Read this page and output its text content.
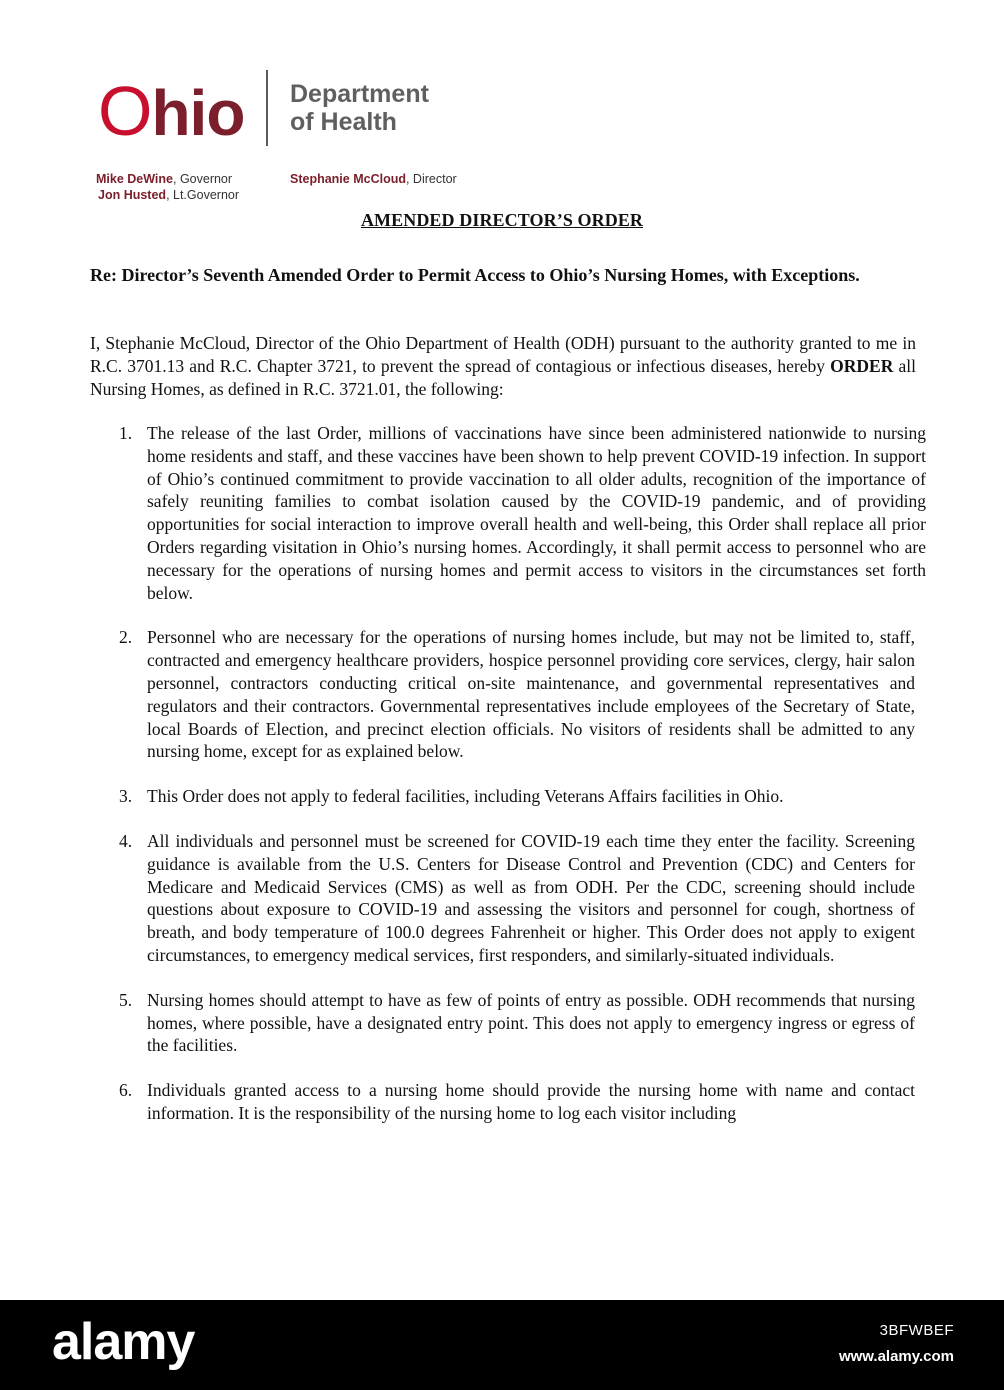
Ohio Department
of Health
Mike DeWine, Governor
Jon Husted, Lt.Governor
Stephanie McCloud, Director
AMENDED DIRECTOR’S ORDER
Re: Director’s Seventh Amended Order to Permit Access to Ohio’s Nursing Homes, with Exceptions.
I, Stephanie McCloud, Director of the Ohio Department of Health (ODH) pursuant to the authority granted to me in R.C. 3701.13 and R.C. Chapter 3721, to prevent the spread of contagious or infectious diseases, hereby ORDER all Nursing Homes, as defined in R.C. 3721.01, the following:
1. The release of the last Order, millions of vaccinations have since been administered nationwide to nursing home residents and staff, and these vaccines have been shown to help prevent COVID-19 infection. In support of Ohio’s continued commitment to provide vaccination to all older adults, recognition of the importance of safely reuniting families to combat isolation caused by the COVID-19 pandemic, and of providing opportunities for social interaction to improve overall health and well-being, this Order shall replace all prior Orders regarding visitation in Ohio’s nursing homes. Accordingly, it shall permit access to personnel who are necessary for the operations of nursing homes and permit access to visitors in the circumstances set forth below.
2. Personnel who are necessary for the operations of nursing homes include, but may not be limited to, staff, contracted and emergency healthcare providers, hospice personnel providing core services, clergy, hair salon personnel, contractors conducting critical on-site maintenance, and governmental representatives and regulators and their contractors. Governmental representatives include employees of the Secretary of State, local Boards of Election, and precinct election officials. No visitors of residents shall be admitted to any nursing home, except for as explained below.
3. This Order does not apply to federal facilities, including Veterans Affairs facilities in Ohio.
4. All individuals and personnel must be screened for COVID-19 each time they enter the facility. Screening guidance is available from the U.S. Centers for Disease Control and Prevention (CDC) and Centers for Medicare and Medicaid Services (CMS) as well as from ODH. Per the CDC, screening should include questions about exposure to COVID-19 and assessing the visitors and personnel for cough, shortness of breath, and body temperature of 100.0 degrees Fahrenheit or higher. This Order does not apply to exigent circumstances, to emergency medical services, first responders, and similarly-situated individuals.
5. Nursing homes should attempt to have as few of points of entry as possible. ODH recommends that nursing homes, where possible, have a designated entry point. This does not apply to emergency ingress or egress of the facilities.
6. Individuals granted access to a nursing home should provide the nursing home with name and contact information. It is the responsibility of the nursing home to log each visitor including
alamy	3BFWBEF
www.alamy.com
